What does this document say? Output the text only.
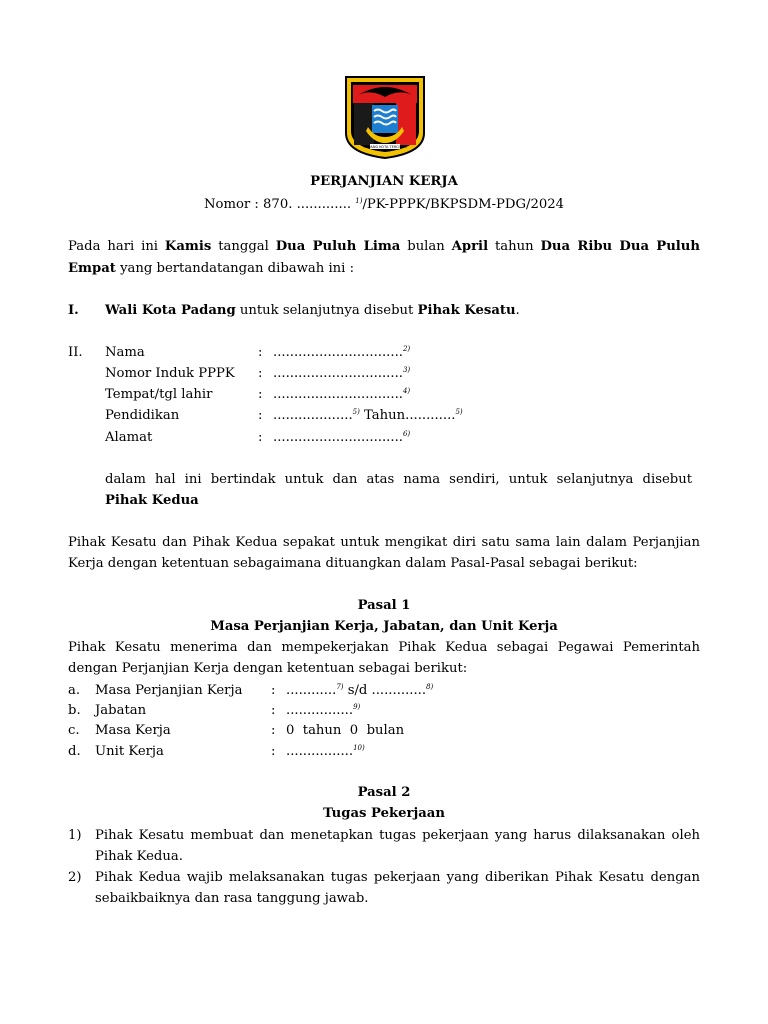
PADANG KOTA TERCINTA
PERJANJIAN KERJA
Nomor : 870. ............. $^{1)}$/PK-PPPK/BKPSDM-PDG/2024
Pada hari ini Kamis tanggal Dua Puluh Lima bulan April tahun Dua Ribu Dua Puluh
Empat yang bertandatangan dibawah ini :
I. Wali Kota Padang untuk selanjutnya disebut Pihak Kesatu.
II. Nama	: ...............................$^{2)}$
Nomor Induk PPPK : ...............................$^{3)}$
Tempat/tgl lahir	: ...............................$^{4)}$
Pendidikan	: ...................$^{5)}$ Tahun............$^{5)}$
Alamat	: ...............................$^{6)}$
dalam hal ini bertindak untuk dan atas nama sendiri, untuk selanjutnya disebut
Pihak Kedua
Pihak Kesatu dan Pihak Kedua sepakat untuk mengikat diri satu sama lain dalam Perjanjian
Kerja dengan ketentuan sebagaimana dituangkan dalam Pasal-Pasal sebagai berikut:
Pasal 1
Masa Perjanjian Kerja, Jabatan, dan Unit Kerja
Pihak Kesatu menerima dan mempekerjakan Pihak Kedua sebagai Pegawai Pemerintah
dengan Perjanjian Kerja dengan ketentuan sebagai berikut:
a. Masa Perjanjian Kerja : ............$^{7)}$ s/d .............$^{8)}$
b. Jabatan	: ................$^{9)}$
c. Masa Kerja	: 0  tahun  0  bulan
d. Unit Kerja	: ................$^{10)}$
Pasal 2
Tugas Pekerjaan
1) Pihak Kesatu membuat dan menetapkan tugas pekerjaan yang harus dilaksanakan oleh
Pihak Kedua.
2) Pihak Kedua wajib melaksanakan tugas pekerjaan yang diberikan Pihak Kesatu dengan
sebaikbaiknya dan rasa tanggung jawab.
